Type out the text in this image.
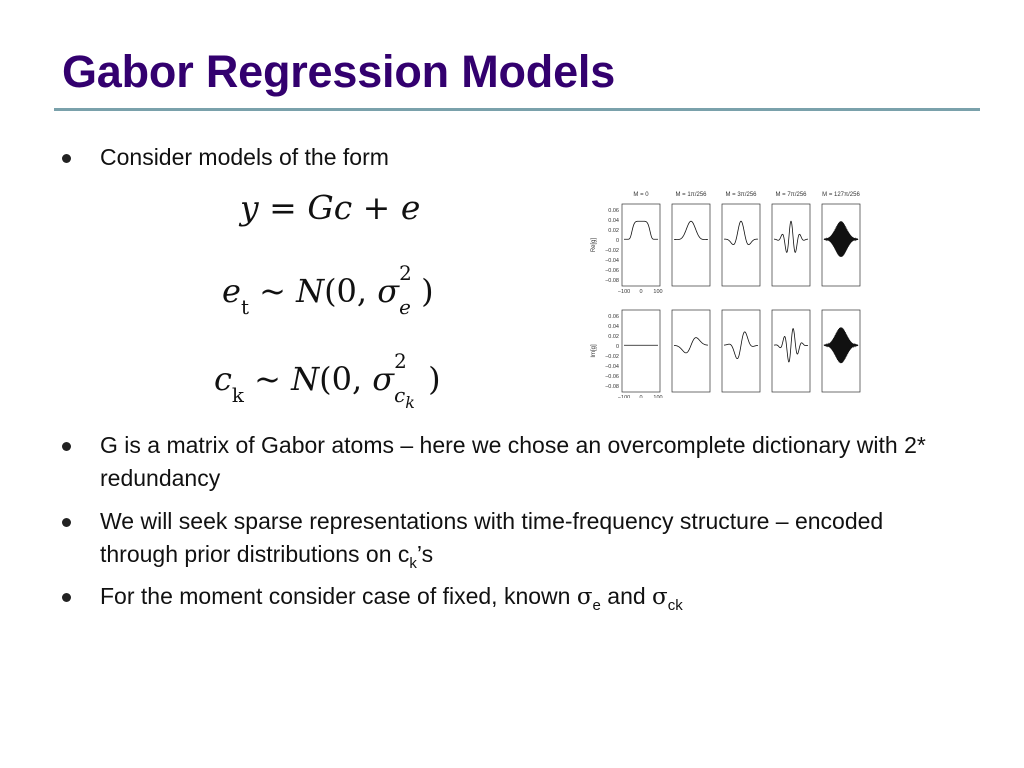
Gabor Regression Models
Consider models of the form
y = Gc + e
$e_t$ ~ N(0, σ 2
e )
$c_k$ ~ N(0, σ 2
$c_k$
)
M = 0	M = 1π/256	M = 3π/256	M = 7π/256	M = 127π/256
Re[g]
0.06
0.04
0.02
0
−0.02
−0.04
−0.06
−0.08
−100 0 100
Im[g]
0.06
0.04
0.02
0
−0.02
−0.04
−0.06
−0.08
−100 0 100
G is a matrix of Gabor atoms – here we chose an overcomplete dictionary with 2* redundancy
We will seek sparse representations with time-frequency structure – encoded through prior distributions on $c_k’s$
For the moment consider case of fixed, known $\sigma_e$ and $\sigma_{ck}$
